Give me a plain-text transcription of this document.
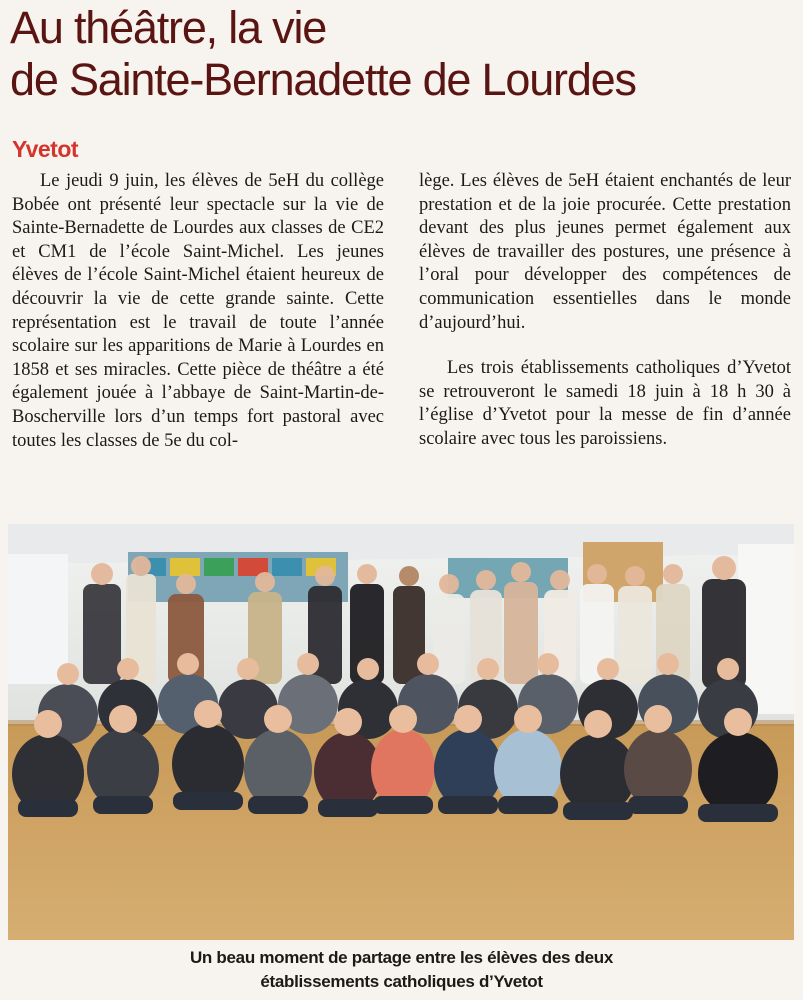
Au théâtre, la vie
de Sainte-Bernadette de Lourdes
Yvetot

Le jeudi 9 juin, les élèves de 5eH du collège Bobée ont présenté leur spectacle sur la vie de Sainte-Bernadette de Lourdes aux classes de CE2 et CM1 de l’école Saint-Michel. Les jeunes élèves de l’école Saint-Michel étaient heureux de découvrir la vie de cette grande sainte. Cette représentation est le travail de toute l’année scolaire sur les apparitions de Marie à Lourdes en 1858 et ses miracles. Cette pièce de théâtre a été également jouée à l’abbaye de Saint-Martin-de- Boscherville lors d’un temps fort pastoral avec toutes les classes de 5e du col-

lège. Les élèves de 5eH étaient enchantés de leur prestation et de la joie procurée. Cette prestation devant des plus jeunes permet également aux élèves de travailler des postures, une présence à l’oral pour développer des compétences de communication essentielles dans le monde d’aujourd’hui.

Les trois établissements catholiques d’Yvetot se retrouveront le samedi 18 juin à 18 h 30 à l’église d’Yvetot pour la messe de fin d’année scolaire avec tous les paroissiens.

Un beau moment de partage entre les élèves des deux
établissements catholiques d’Yvetot
